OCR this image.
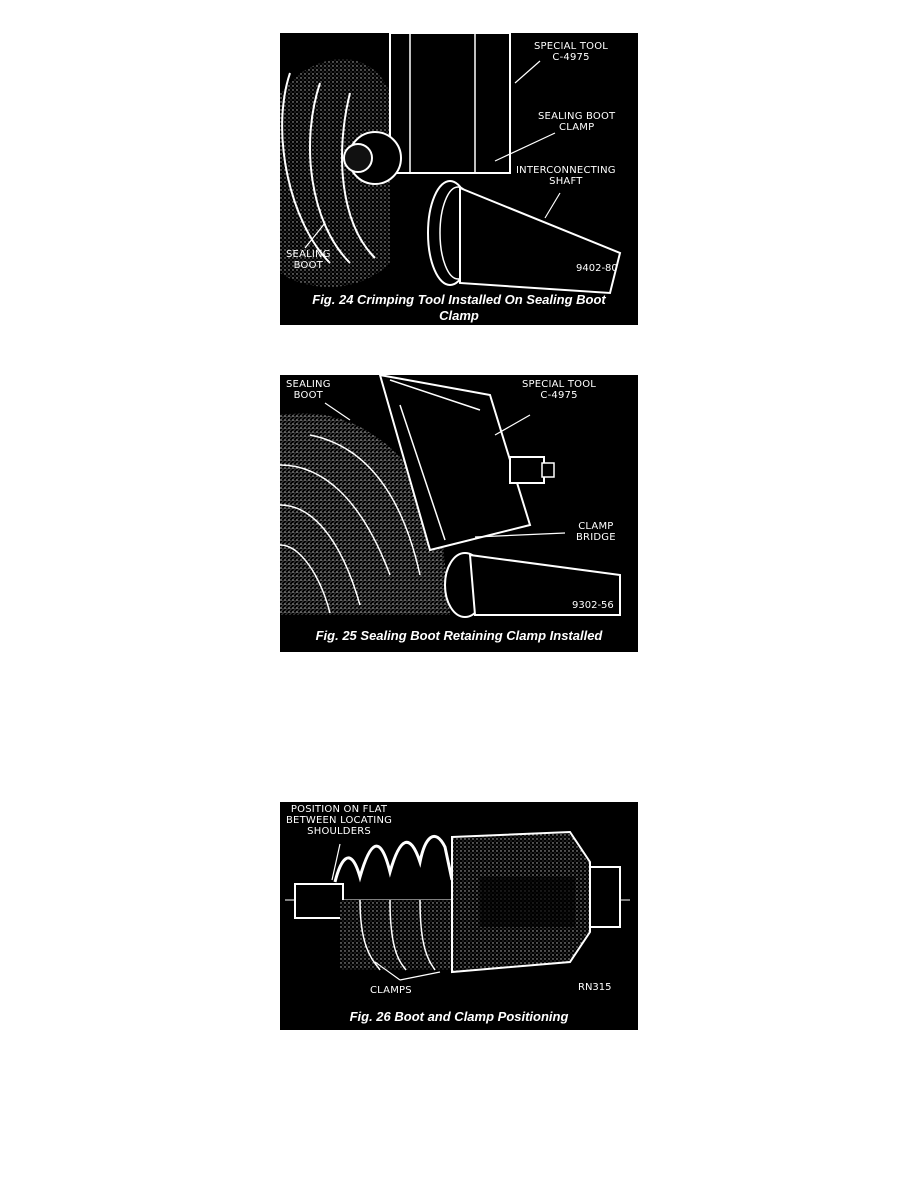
SPECIAL TOOL
C-4975
SEALING BOOT
CLAMP
INTERCONNECTING
SHAFT
SEALING
BOOT	9402-80
Fig. 24 Crimping Tool Installed On Sealing Boot Clamp
SEALING
BOOT
SPECIAL TOOL
C-4975
CLAMP
BRIDGE
9302-56
Fig. 25 Sealing Boot Retaining Clamp Installed
POSITION ON FLAT
BETWEEN LOCATING
SHOULDERS
CLAMPS	RN315
Fig. 26 Boot and Clamp Positioning
